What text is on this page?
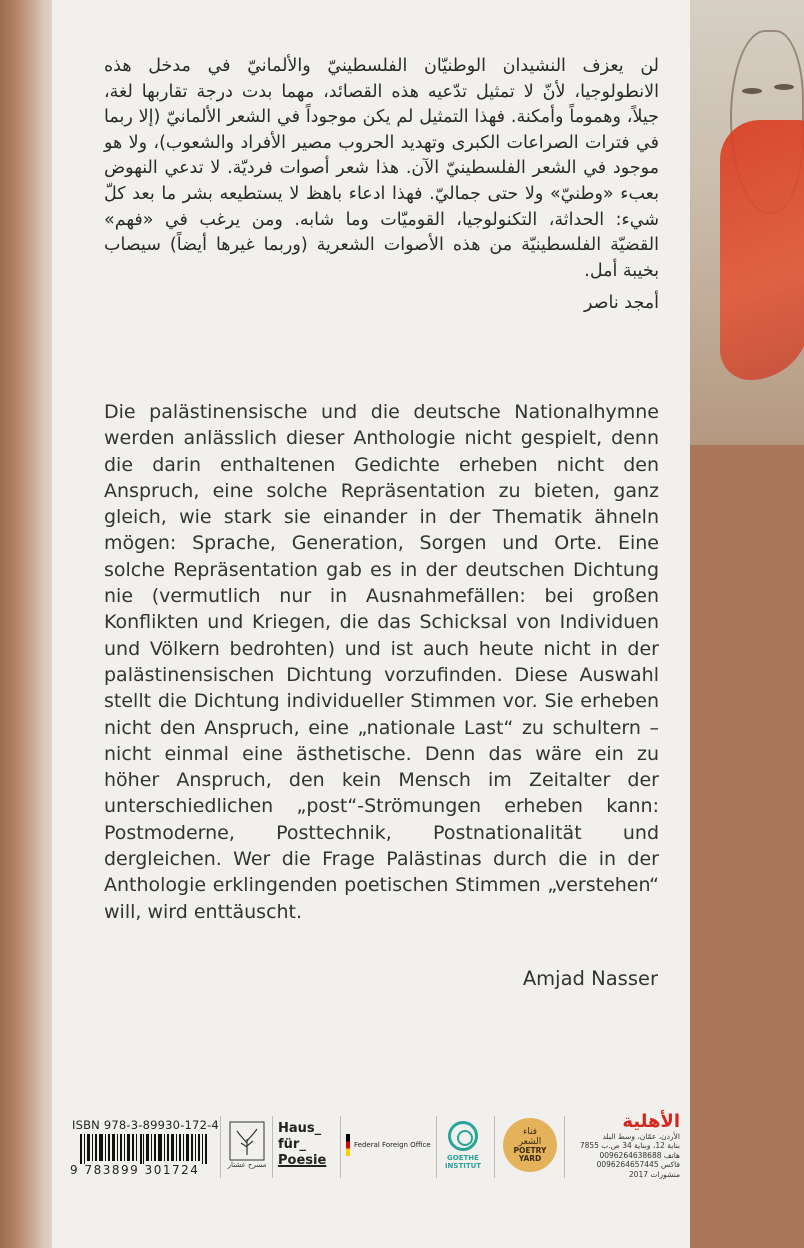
لن يعزف النشيدان الوطنيّان الفلسطينيّ والألمانيّ في مدخل هذه الانطولوجيا، لأنّ لا تمثيل تدّعيه هذه القصائد، مهما بدت درجة تقاربها لغة، جيلاً، وهموماً وأمكنة. فهذا التمثيل لم يكن موجوداً في الشعر الألمانيّ (إلا ربما في فترات الصراعات الكبرى وتهديد الحروب مصير الأفراد والشعوب)، ولا هو موجود في الشعر الفلسطينيّ الآن. هذا شعر أصوات فرديّة. لا تدعي النهوض بعبء «وطنيّ» ولا حتى جماليّ. فهذا ادعاء باهظ لا يستطيعه بشر ما بعد كلّ شيء: الحداثة، التكنولوجيا، القوميّات وما شابه. ومن يرغب في «فهم» القضيّة الفلسطينيّة من هذه الأصوات الشعرية (وربما غيرها أيضاً) سيصاب بخيبة أمل.

أمجد ناصر

Die palästinensische und die deutsche Nationalhymne werden anlässlich dieser Anthologie nicht gespielt, denn die darin enthaltenen Gedichte erheben nicht den Anspruch, eine solche Repräsentation zu bieten, ganz gleich, wie stark sie einander in der Thematik ähneln mögen: Sprache, Generation, Sorgen und Orte. Eine solche Repräsentation gab es in der deutschen Dichtung nie (vermutlich nur in Ausnahmefällen: bei großen Konflikten und Kriegen, die das Schicksal von Individuen und Völkern bedrohten) und ist auch heute nicht in der palästinensischen Dichtung vorzufinden. Diese Auswahl stellt die Dichtung individueller Stimmen vor. Sie erheben nicht den Anspruch, eine „nationale Last“ zu schultern – nicht einmal eine ästhetische. Denn das wäre ein zu höher Anspruch, den kein Mensch im Zeitalter der unterschiedlichen „post“-Strömungen erheben kann: Postmoderne, Posttechnik, Postnationalität und dergleichen. Wer die Frage Palästinas durch die in der Anthologie erklingenden poetischen Stimmen „verstehen“ will, wird enttäuscht.

Amjad Nasser
ISBN 978-3-89930-172-4
9 783899 301724	مسرح عشتار
Haus_
für_
Poesie
Federal Foreign Office
GOETHE
INSTITUT
فناء
الشعر
POETRY
YARD
الأهلية
الأردن، عمّان، وسط البلد
بناية 12، وبناية 34 ص.ب 7855
هاتف 0096264638688
فاكس 0096264657445
منشورات 2017
